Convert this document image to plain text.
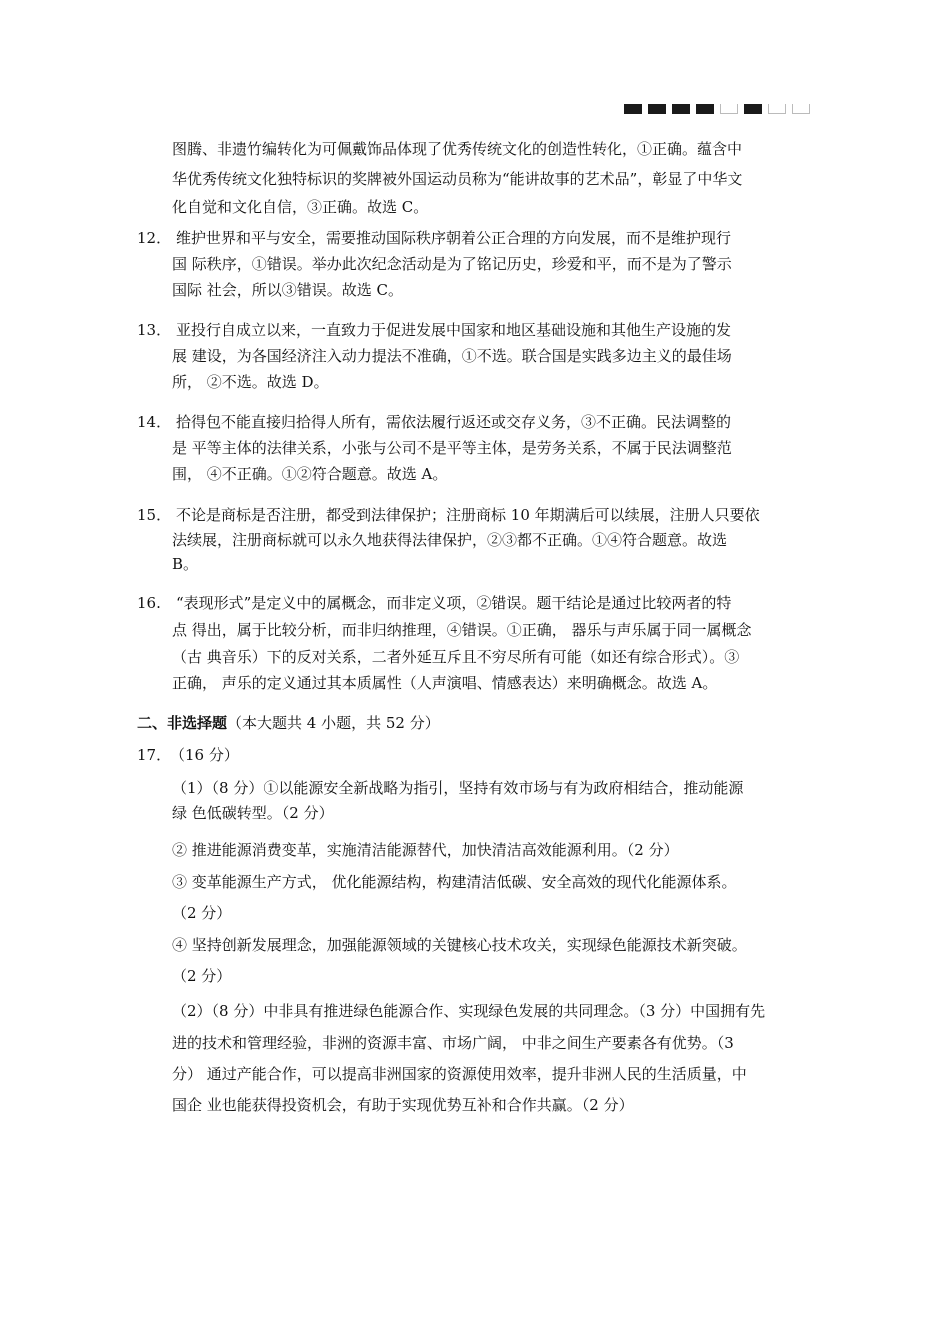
图腾、非遗竹编转化为可佩戴饰品体现了优秀传统文化的创造性转化，①正确。蕴含中
华优秀传统文化独特标识的奖牌被外国运动员称为“能讲故事的艺术品”，彰显了中华文
化自觉和文化自信，③正确。故选 C。
12． 维护世界和平与安全，需要推动国际秩序朝着公正合理的方向发展，而不是维护现行
国 际秩序，①错误。举办此次纪念活动是为了铭记历史，珍爱和平，而不是为了警示
国际 社会，所以③错误。故选 C。
13． 亚投行自成立以来，一直致力于促进发展中国家和地区基础设施和其他生产设施的发
展 建设，为各国经济注入动力提法不准确，①不选。联合国是实践多边主义的最佳场
所， ②不选。故选 D。
14． 拾得包不能直接归拾得人所有，需依法履行返还或交存义务，③不正确。民法调整的
是 平等主体的法律关系，小张与公司不是平等主体，是劳务关系，不属于民法调整范
围， ④不正确。①②符合题意。故选 A。
15． 不论是商标是否注册，都受到法律保护；注册商标 10 年期满后可以续展，注册人只要依
法续展，注册商标就可以永久地获得法律保护，②③都不正确。①④符合题意。故选
B。
16. “表现形式”是定义中的属概念，而非定义项，②错误。题干结论是通过比较两者的特
点 得出，属于比较分析，而非归纳推理，④错误。①正确， 器乐与声乐属于同一属概念
（古 典音乐）下的反对关系，二者外延互斥且不穷尽所有可能（如还有综合形式）。③
正确， 声乐的定义通过其本质属性（人声演唱、情感表达）来明确概念。故选 A。
二、非选择题（本大题共 4 小题，共 52 分）
17．
（16 分）
（1）（8 分）①以能源安全新战略为指引，坚持有效市场与有为政府相结合，推动能源
绿 色低碳转型。（2 分）
② 推进能源消费变革，实施清洁能源替代，加快清洁高效能源利用。（2 分）
③ 变革能源生产方式， 优化能源结构，构建清洁低碳、安全高效的现代化能源体系。
（2 分）
④ 坚持创新发展理念，加强能源领域的关键核心技术攻关，实现绿色能源技术新突破。
（2 分）
（2）（8 分）中非具有推进绿色能源合作、实现绿色发展的共同理念。（3 分）中国拥有先
进的技术和管理经验，非洲的资源丰富、市场广阔， 中非之间生产要素各有优势。（3
分） 通过产能合作，可以提高非洲国家的资源使用效率，提升非洲人民的生活质量，中
国企 业也能获得投资机会，有助于实现优势互补和合作共赢。（2 分）
